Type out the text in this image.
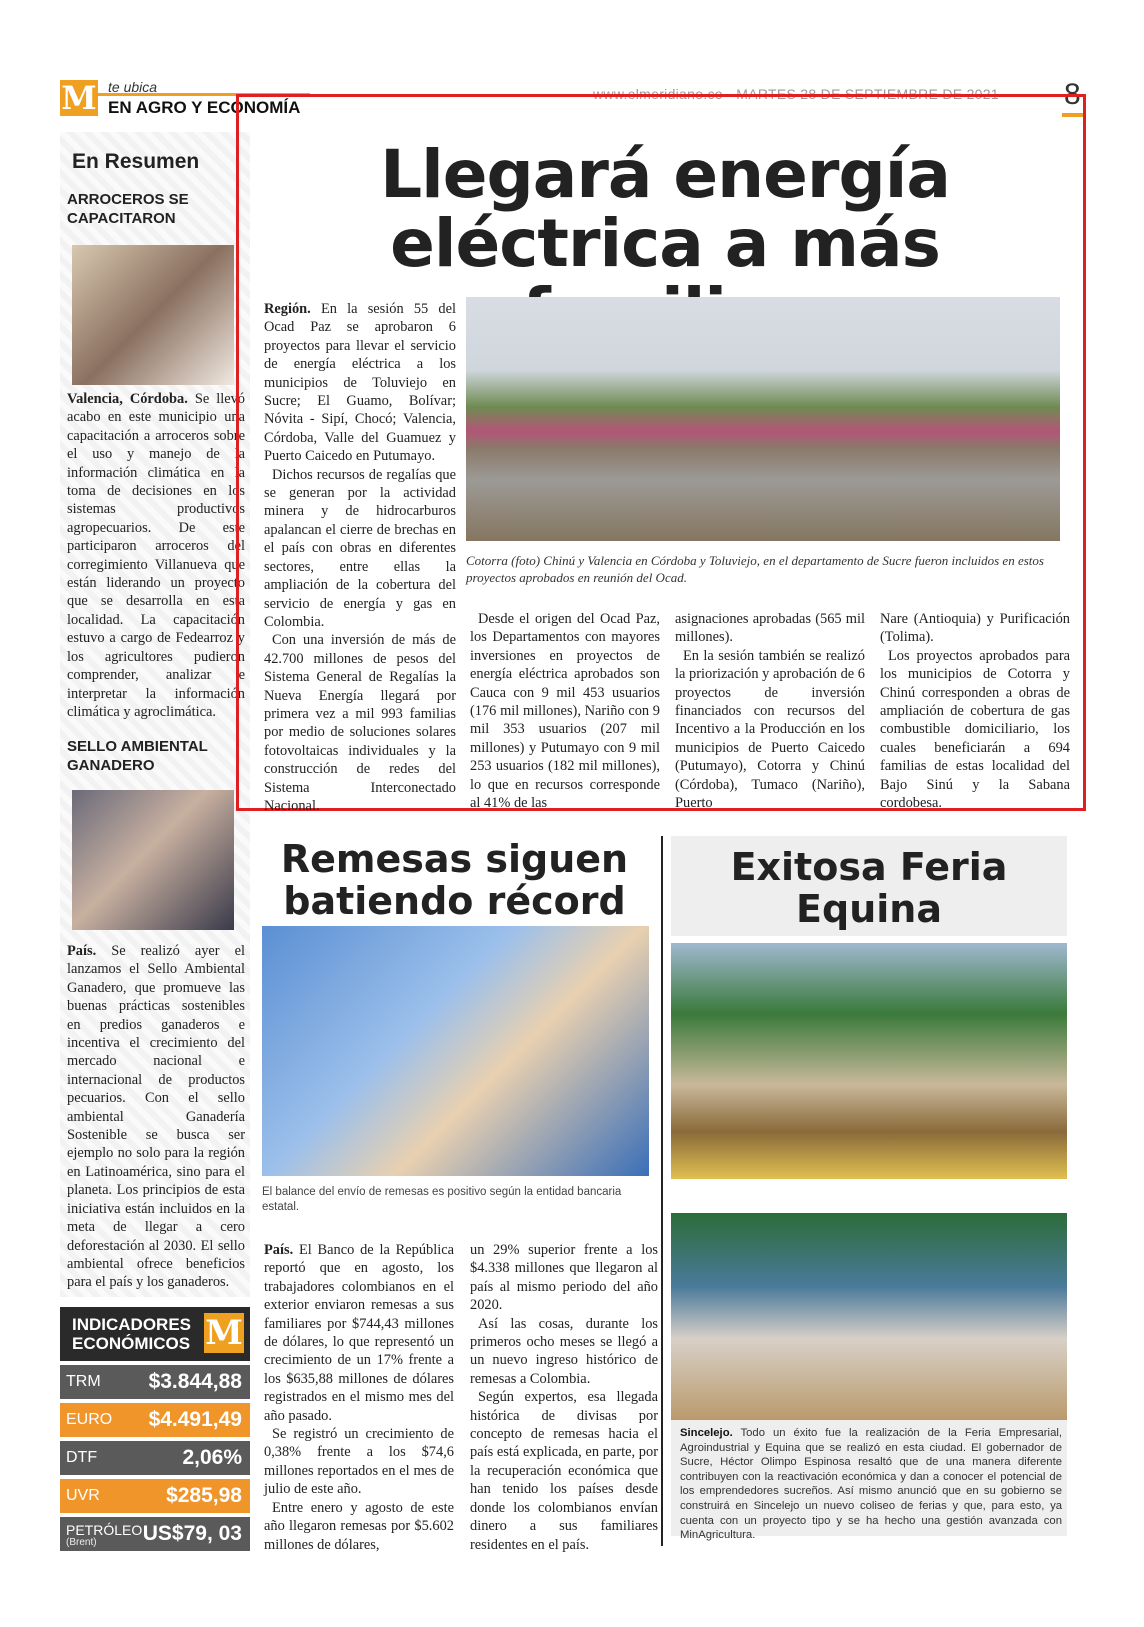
M te ubica
EN AGRO Y ECONOMÍA
www.elmeridiano.co · MARTES 28 DE SEPTIEMBRE DE 2021 8
En Resumen
ARROCEROS SE CAPACITARON
Valencia, Córdoba. Se llevó acabo en este municipio una capacitación a arroceros sobre el uso y manejo de la información climática en la toma de decisiones en los sistemas productivos agropecuarios. De este participaron arroceros del corregimiento Villanueva que están liderando un proyecto que se desarrolla en esta localidad. La capacitación estuvo a cargo de Fedearroz y los agricultores pudieron comprender, analizar e interpretar la información climática y agroclimática.
SELLO AMBIENTAL GANADERO
País. Se realizó ayer el lanzamos el Sello Ambiental Ganadero, que promueve las buenas prácticas sostenibles en predios ganaderos e incentiva el crecimiento del mercado nacional e internacional de productos pecuarios. Con el sello ambiental Ganadería Sostenible se busca ser ejemplo no solo para la región en Latinoamérica, sino para el planeta. Los principios de esta iniciativa están incluidos en la meta de llegar a cero deforestación al 2030. El sello ambiental ofrece beneficios para el país y los ganaderos.
INDICADORES ECONÓMICOS M
TRM $3.844,88
EURO $4.491,49
DTF	2,06%
UVR	$285,98
PETRÓLEO
(Brent) US$79, 03
Llegará energía eléctrica a más

Región. En la sesión 55 del Ocad Paz se aprobaron 6 proyectos para llevar el servicio de energía eléctrica a los municipios de Toluviejo en Sucre; El Guamo, Bolívar; Nóvita - Sipí, Chocó; Valencia, Córdoba, Valle del Guamuez y Puerto Caicedo en Putumayo.

Dichos recursos de regalías que se generan por la actividad minera y de hidrocarburos apalancan el cierre de brechas en el país con obras en diferentes sectores, entre ellas la ampliación de la cobertura del servicio de energía y gas en Colombia.

Con una inversión de más de 42.700 millones de pesos del Sistema General de Regalías la Nueva Energía llegará por primera vez a mil 993 familias por medio de soluciones solares fotovoltaicas individuales y la construcción de redes del Sistema Interconectado Nacional.

Cotorra (foto) Chinú y Valencia en Córdoba y Toluviejo, en el departamento de Sucre fueron incluidos en estos proyectos aprobados en reunión del Ocad.
Desde el origen del Ocad Paz, los Departamentos con mayores inversiones en proyectos de energía eléctrica aprobados son Cauca con 9 mil 453 usuarios (176 mil millones), Nariño con 9 mil 353 usuarios (207 mil millones) y Putumayo con 9 mil 253 usuarios (182 mil millones), lo que en recursos corresponde al 41% de las

asignaciones aprobadas (565 mil millones).

En la sesión también se realizó la priorización y aprobación de 6 proyectos de inversión financiados con recursos del Incentivo a la Producción en los municipios de Puerto Caicedo (Putumayo), Cotorra y Chinú (Córdoba), Tumaco (Nariño), Puerto

Nare (Antioquia) y Purificación (Tolima).

Los proyectos aprobados para los municipios de Cotorra y Chinú corresponden a obras de ampliación de cobertura de gas combustible domiciliario, los cuales beneficiarán a 694 familias de estas localidad del Bajo Sinú y la Sabana cordobesa.

Remesas siguen batiendo récord
El balance del envío de remesas es positivo según la entidad bancaria estatal.

País. El Banco de la República reportó que en agosto, los trabajadores colombianos en el exterior enviaron remesas a sus familiares por $744,43 millones de dólares, lo que representó un crecimiento de un 17% frente a los $635,88 millones de dólares registrados en el mismo mes del año pasado.

Se registró un crecimiento de 0,38% frente a los $74,6 millones reportados en el mes de julio de este año.

Entre enero y agosto de este año llegaron remesas por $5.602 millones de dólares,

un 29% superior frente a los $4.338 millones que llegaron al país al mismo periodo del año 2020.

Así las cosas, durante los primeros ocho meses se llegó a un nuevo ingreso histórico de remesas a Colombia.

Según expertos, esa llegada histórica de divisas por concepto de remesas hacia el país está explicada, en parte, por la recuperación económica que han tenido los países desde donde los colombianos envían dinero a sus familiares residentes en el país.

Exitosa Feria Equina
Sincelejo. Todo un éxito fue la realización de la Feria Empresarial, Agroindustrial y Equina que se realizó en esta ciudad. El gobernador de Sucre, Héctor Olimpo Espinosa resaltó que de una manera diferente contribuyen con la reactivación económica y dan a conocer el potencial de los emprendedores sucreños. Así mismo anunció que en su gobierno se construirá en Sincelejo un nuevo coliseo de ferias y que, para esto, ya cuenta con un proyecto tipo y se ha hecho una gestión avanzada con MinAgricultura.
